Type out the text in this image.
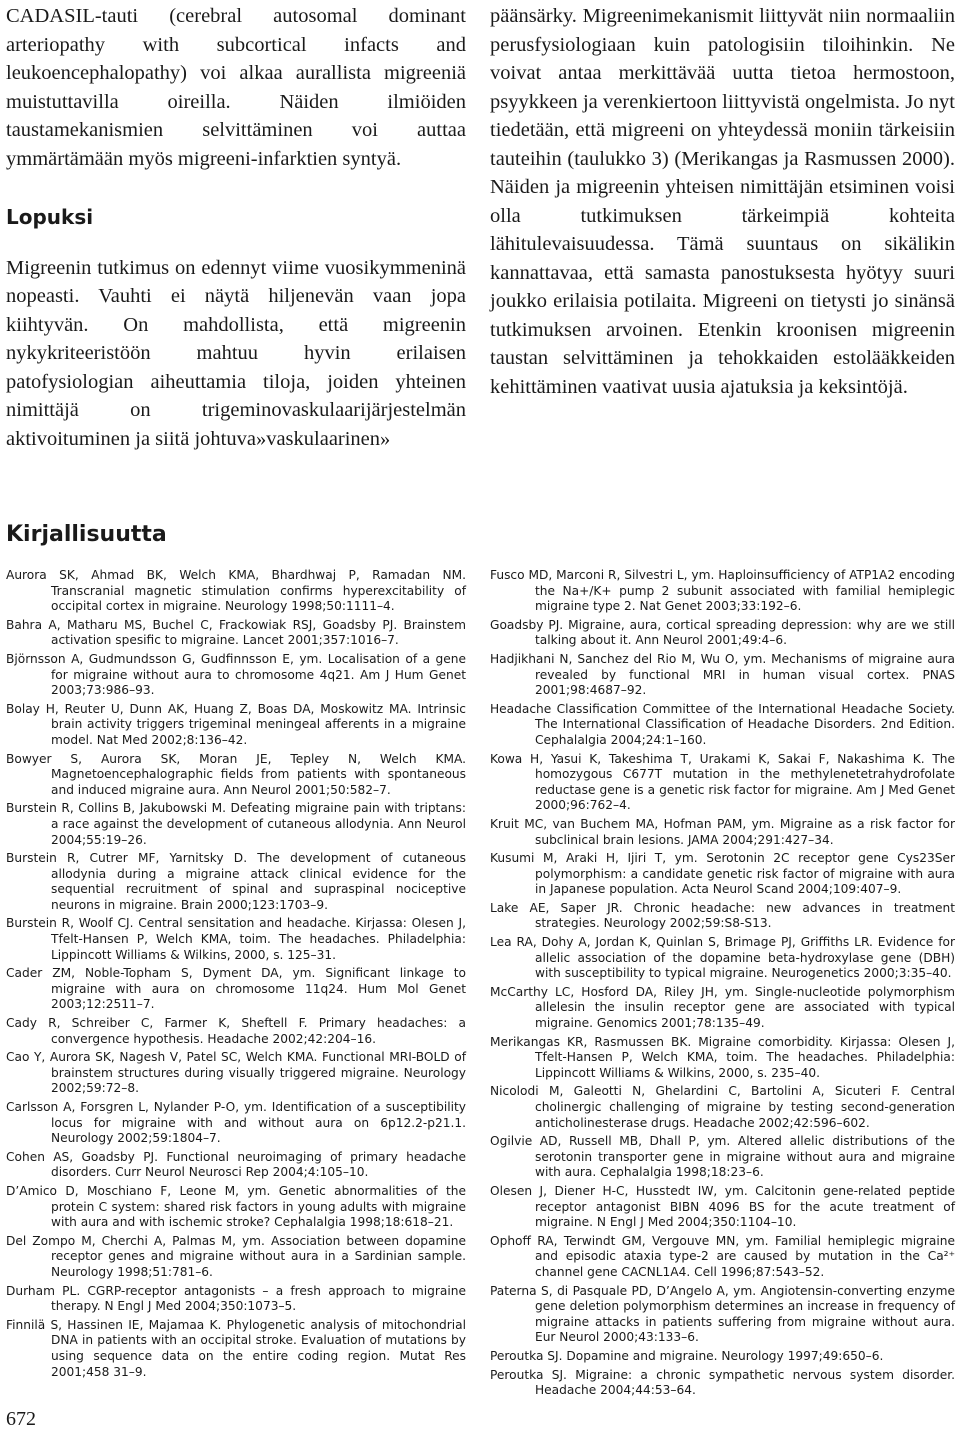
CADASIL-tauti (cerebral autosomal dominant arteriopathy with subcortical infacts and leukoencephalopathy) voi alkaa aurallista migreeniä muistuttavilla oireilla. Näiden ilmiöiden taustamekanismien selvittäminen voi auttaa ymmärtämään myös migreeni-infarktien syntyä.

Lopuksi

Migreenin tutkimus on edennyt viime vuosikymmeninä nopeasti. Vauhti ei näytä hiljenevän vaan jopa kiihtyvän. On mahdollista, että migreenin nykykriteeristöön mahtuu hyvin erilaisen patofysiologian aiheuttamia tiloja, joiden yhteinen nimittäjä on trigeminovaskulaarijärjestelmän aktivoituminen ja siitä johtuva»vaskulaarinen»

päänsärky. Migreenimekanismit liittyvät niin normaaliin perusfysiologiaan kuin patologisiin tiloihinkin. Ne voivat antaa merkittävää uutta tietoa hermostoon, psyykkeen ja verenkiertoon liittyvistä ongelmista. Jo nyt tiedetään, että migreeni on yhteydessä moniin tärkeisiin tauteihin (taulukko 3) (Merikangas ja Rasmussen 2000). Näiden ja migreenin yhteisen nimittäjän etsiminen voisi olla tutkimuksen tärkeimpiä kohteita lähitulevaisuudessa. Tämä suuntaus on sikälikin kannattavaa, että samasta panostuksesta hyötyy suuri joukko erilaisia potilaita. Migreeni on tietysti jo sinänsä tutkimuksen arvoinen. Etenkin kroonisen migreenin taustan selvittäminen ja tehokkaiden estolääkkeiden kehittäminen vaativat uusia ajatuksia ja keksintöjä.

Kirjallisuutta
Aurora SK, Ahmad BK, Welch KMA, Bhardhwaj P, Ramadan NM. Transcranial magnetic stimulation confirms hyperexcitability of occipital cortex in migraine. Neurology 1998;50:1111–4.
Bahra A, Matharu MS, Buchel C, Frackowiak RSJ, Goadsby PJ. Brainstem activation spesific to migraine. Lancet 2001;357:1016–7.
Björnsson A, Gudmundsson G, Gudfinnsson E, ym. Localisation of a gene for migraine without aura to chromosome 4q21. Am J Hum Genet 2003;73:986–93.
Bolay H, Reuter U, Dunn AK, Huang Z, Boas DA, Moskowitz MA. Intrinsic brain activity triggers trigeminal meningeal afferents in a migraine model. Nat Med 2002;8:136–42.
Bowyer S, Aurora SK, Moran JE, Tepley N, Welch KMA. Magnetoencephalographic fields from patients with spontaneous and induced migraine aura. Ann Neurol 2001;50:582–7.
Burstein R, Collins B, Jakubowski M. Defeating migraine pain with triptans: a race against the development of cutaneous allodynia. Ann Neurol 2004;55:19–26.
Burstein R, Cutrer MF, Yarnitsky D. The development of cutaneous allodynia during a migraine attack clinical evidence for the sequential recruitment of spinal and supraspinal nociceptive neurons in migraine. Brain 2000;123:1703–9.
Burstein R, Woolf CJ. Central sensitation and headache. Kirjassa: Olesen J, Tfelt-Hansen P, Welch KMA, toim. The headaches. Philadelphia: Lippincott Williams & Wilkins, 2000, s. 125–31.
Cader ZM, Noble-Topham S, Dyment DA, ym. Significant linkage to migraine with aura on chromosome 11q24. Hum Mol Genet 2003;12:2511–7.
Cady R, Schreiber C, Farmer K, Sheftell F. Primary headaches: a convergence hypothesis. Headache 2002;42:204–16.
Cao Y, Aurora SK, Nagesh V, Patel SC, Welch KMA. Functional MRI-BOLD of brainstem structures during visually triggered migraine. Neurology 2002;59:72–8.
Carlsson A, Forsgren L, Nylander P-O, ym. Identification of a susceptibility locus for migraine with and without aura on 6p12.2-p21.1. Neurology 2002;59:1804–7.
Cohen AS, Goadsby PJ. Functional neuroimaging of primary headache disorders. Curr Neurol Neurosci Rep 2004;4:105–10.
D’Amico D, Moschiano F, Leone M, ym. Genetic abnormalities of the protein C system: shared risk factors in young adults with migraine with aura and with ischemic stroke? Cephalalgia 1998;18:618–21.
Del Zompo M, Cherchi A, Palmas M, ym. Association between dopamine receptor genes and migraine without aura in a Sardinian sample. Neurology 1998;51:781–6.
Durham PL. CGRP-receptor antagonists – a fresh approach to migraine therapy. N Engl J Med 2004;350:1073–5.
Finnilä S, Hassinen IE, Majamaa K. Phylogenetic analysis of mitochondrial DNA in patients with an occipital stroke. Evaluation of mutations by using sequence data on the entire coding region. Mutat Res 2001;458 31–9.
Fusco MD, Marconi R, Silvestri L, ym. Haploinsufficiency of ATP1A2 encoding the Na+/K+ pump 2 subunit associated with familial hemiplegic migraine type 2. Nat Genet 2003;33:192–6.
Goadsby PJ. Migraine, aura, cortical spreading depression: why are we still talking about it. Ann Neurol 2001;49:4–6.
Hadjikhani N, Sanchez del Rio M, Wu O, ym. Mechanisms of migraine aura revealed by functional MRI in human visual cortex. PNAS 2001;98:4687–92.
Headache Classification Committee of the International Headache Society. The International Classification of Headache Disorders. 2nd Edition. Cephalalgia 2004;24:1–160.
Kowa H, Yasui K, Takeshima T, Urakami K, Sakai F, Nakashima K. The homozygous C677T mutation in the methylenetetrahydrofolate reductase gene is a genetic risk factor for migraine. Am J Med Genet 2000;96:762–4.
Kruit MC, van Buchem MA, Hofman PAM, ym. Migraine as a risk factor for subclinical brain lesions. JAMA 2004;291:427–34.
Kusumi M, Araki H, Ijiri T, ym. Serotonin 2C receptor gene Cys23Ser polymorphism: a candidate genetic risk factor of migraine with aura in Japanese population. Acta Neurol Scand 2004;109:407–9.
Lake AE, Saper JR. Chronic headache: new advances in treatment strategies. Neurology 2002;59:S8-S13.
Lea RA, Dohy A, Jordan K, Quinlan S, Brimage PJ, Griffiths LR. Evidence for allelic association of the dopamine beta-hydroxylase gene (DBH) with susceptibility to typical migraine. Neurogenetics 2000;3:35–40.
McCarthy LC, Hosford DA, Riley JH, ym. Single-nucleotide polymorphism allelesin the insulin receptor gene are associated with typical migraine. Genomics 2001;78:135–49.
Merikangas KR, Rasmussen BK. Migraine comorbidity. Kirjassa: Olesen J, Tfelt-Hansen P, Welch KMA, toim. The headaches. Philadelphia: Lippincott Williams & Wilkins, 2000, s. 235–40.
Nicolodi M, Galeotti N, Ghelardini C, Bartolini A, Sicuteri F. Central cholinergic challenging of migraine by testing second-generation anticholinesterase drugs. Headache 2002;42:596–602.
Ogilvie AD, Russell MB, Dhall P, ym. Altered allelic distributions of the serotonin transporter gene in migraine without aura and migraine with aura. Cephalalgia 1998;18:23–6.
Olesen J, Diener H-C, Husstedt IW, ym. Calcitonin gene-related peptide receptor antagonist BIBN 4096 BS for the acute treatment of migraine. N Engl J Med 2004;350:1104–10.
Ophoff RA, Terwindt GM, Vergouve MN, ym. Familial hemiplegic migraine and episodic ataxia type-2 are caused by mutation in the Ca²⁺ channel gene CACNL1A4. Cell 1996;87:543–52.
Paterna S, di Pasquale PD, D’Angelo A, ym. Angiotensin-converting enzyme gene deletion polymorphism determines an increase in frequency of migraine attacks in patients suffering from migraine without aura. Eur Neurol 2000;43:133–6.
Peroutka SJ. Dopamine and migraine. Neurology 1997;49:650–6.
Peroutka SJ. Migraine: a chronic sympathetic nervous system disorder. Headache 2004;44:53–64.
672
